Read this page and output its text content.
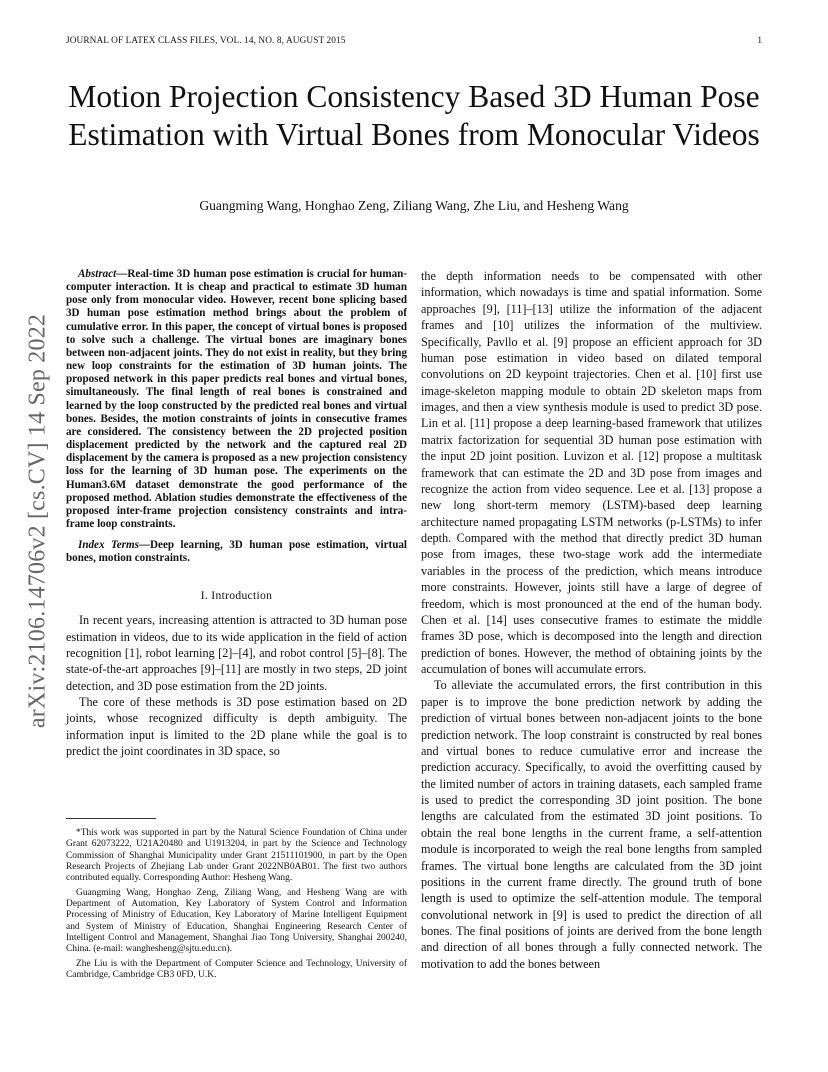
JOURNAL OF LATEX CLASS FILES, VOL. 14, NO. 8, AUGUST 2015	1
Motion Projection Consistency Based 3D Human Pose Estimation with Virtual Bones from Monocular Videos
Guangming Wang, Honghao Zeng, Ziliang Wang, Zhe Liu, and Hesheng Wang
arXiv:2106.14706v2 [cs.CV] 14 Sep 2022

Abstract—Real-time 3D human pose estimation is crucial for human-computer interaction. It is cheap and practical to estimate 3D human pose only from monocular video. However, recent bone splicing based 3D human pose estimation method brings about the problem of cumulative error. In this paper, the concept of virtual bones is proposed to solve such a challenge. The virtual bones are imaginary bones between non-adjacent joints. They do not exist in reality, but they bring new loop constraints for the estimation of 3D human joints. The proposed network in this paper predicts real bones and virtual bones, simultaneously. The final length of real bones is constrained and learned by the loop constructed by the predicted real bones and virtual bones. Besides, the motion constraints of joints in consecutive frames are considered. The consistency between the 2D projected position displacement predicted by the network and the captured real 2D displacement by the camera is proposed as a new projection consistency loss for the learning of 3D human pose. The experiments on the Human3.6M dataset demonstrate the good performance of the proposed method. Ablation studies demonstrate the effectiveness of the proposed inter-frame projection consistency constraints and intra-frame loop constraints.

Index Terms—Deep learning, 3D human pose estimation, virtual bones, motion constraints.

I. Introduction

In recent years, increasing attention is attracted to 3D human pose estimation in videos, due to its wide application in the field of action recognition [1], robot learning [2]–[4], and robot control [5]–[8]. The state-of-the-art approaches [9]–[11] are mostly in two steps, 2D joint detection, and 3D pose estimation from the 2D joints.

The core of these methods is 3D pose estimation based on 2D joints, whose recognized difficulty is depth ambiguity. The information input is limited to the 2D plane while the goal is to predict the joint coordinates in 3D space, so

*This work was supported in part by the Natural Science Foundation of China under Grant 62073222, U21A20480 and U1913204, in part by the Science and Technology Commission of Shanghai Municipality under Grant 21511101900, in part by the Open Research Projects of Zhejiang Lab under Grant 2022NB0AB01. The first two authors contributed equally. Corresponding Author: Hesheng Wang.

Guangming Wang, Honghao Zeng, Ziliang Wang, and Hesheng Wang are with Department of Automation, Key Laboratory of System Control and Information Processing of Ministry of Education, Key Laboratory of Marine Intelligent Equipment and System of Ministry of Education, Shanghai Engineering Research Center of Intelligent Control and Management, Shanghai Jiao Tong University, Shanghai 200240, China. (e-mail: wanghesheng@sjtu.edu.cn).

Zhe Liu is with the Department of Computer Science and Technology, University of Cambridge, Cambridge CB3 0FD, U.K.

the depth information needs to be compensated with other information, which nowadays is time and spatial information. Some approaches [9], [11]–[13] utilize the information of the adjacent frames and [10] utilizes the information of the multiview. Specifically, Pavllo et al. [9] propose an efficient approach for 3D human pose estimation in video based on dilated temporal convolutions on 2D keypoint trajectories. Chen et al. [10] first use image-skeleton mapping module to obtain 2D skeleton maps from images, and then a view synthesis module is used to predict 3D pose. Lin et al. [11] propose a deep learning-based framework that utilizes matrix factorization for sequential 3D human pose estimation with the input 2D joint position. Luvizon et al. [12] propose a multitask framework that can estimate the 2D and 3D pose from images and recognize the action from video sequence. Lee et al. [13] propose a new long short-term memory (LSTM)-based deep learning architecture named propagating LSTM networks (p-LSTMs) to infer depth. Compared with the method that directly predict 3D human pose from images, these two-stage work add the intermediate variables in the process of the prediction, which means introduce more constraints. However, joints still have a large of degree of freedom, which is most pronounced at the end of the human body. Chen et al. [14] uses consecutive frames to estimate the middle frames 3D pose, which is decomposed into the length and direction prediction of bones. However, the method of obtaining joints by the accumulation of bones will accumulate errors.

To alleviate the accumulated errors, the first contribution in this paper is to improve the bone prediction network by adding the prediction of virtual bones between non-adjacent joints to the bone prediction network. The loop constraint is constructed by real bones and virtual bones to reduce cumulative error and increase the prediction accuracy. Specifically, to avoid the overfitting caused by the limited number of actors in training datasets, each sampled frame is used to predict the corresponding 3D joint position. The bone lengths are calculated from the estimated 3D joint positions. To obtain the real bone lengths in the current frame, a self-attention module is incorporated to weigh the real bone lengths from sampled frames. The virtual bone lengths are calculated from the 3D joint positions in the current frame directly. The ground truth of bone length is used to optimize the self-attention module. The temporal convolutional network in [9] is used to predict the direction of all bones. The final positions of joints are derived from the bone length and direction of all bones through a fully connected network. The motivation to add the bones between
